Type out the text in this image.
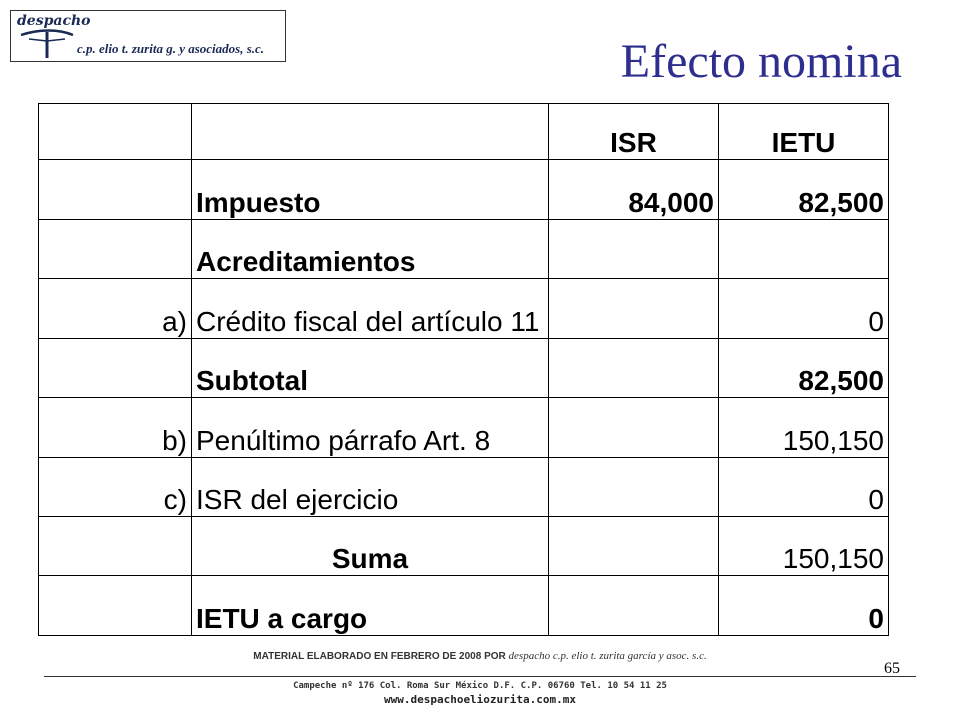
despacho
c.p. elio t. zurita g. y asociados, s.c.	Efecto nomina
		ISR	IETU
	Impuesto	84,000	82,500
	Acreditamientos		
a)	Crédito fiscal del artículo 11		0
	Subtotal		82,500
b)	Penúltimo párrafo Art. 8		150,150
c)	ISR del ejercicio		0
	Suma		150,150
	IETU a cargo		0
MATERIAL ELABORADO EN FEBRERO DE 2008 POR despacho c.p. elio t. zurita garcía y asoc. s.c.
65
Campeche nº 176 Col. Roma Sur México D.F. C.P. 06760 Tel. 10 54 11 25
www.despachoeliozurita.com.mx
